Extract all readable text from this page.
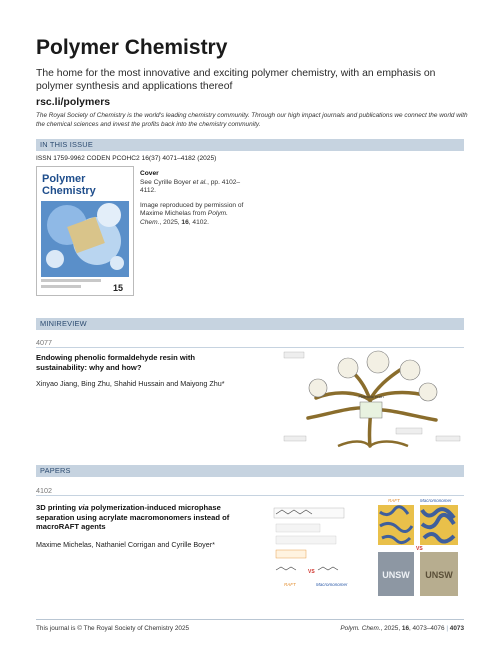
Polymer Chemistry
The home for the most innovative and exciting polymer chemistry, with an emphasis on polymer synthesis and applications thereof
rsc.li/polymers
The Royal Society of Chemistry is the world's leading chemistry community. Through our high impact journals and publications we connect the world with the chemical sciences and invest the profits back into the chemistry community.
IN THIS ISSUE
ISSN 1759-9962 CODEN PCOHC2 16(37) 4071–4182 (2025)
Polymer
Chemistry
15
Cover
See Cyrille Boyer et al., pp. 4102–4112.
Image reproduced by permission of Maxime Michelas from Polym. Chem., 2025, 16, 4102.
MINIREVIEW
4077
Endowing phenolic formaldehyde resin with sustainability: why and how?
Xinyao Jiang, Bing Zhu, Shahid Hussain and Maiyong Zhu*
Phenolic resin
PAPERS
4102
3D printing via polymerization-induced microphase separation using acrylate macromonomers instead of macroRAFT agents
Maxime Michelas, Nathaniel Corrigan and Cyrille Boyer*
VS
RAFT	Macromonomer
RAFT	Macromonomer
VS
UNSW UNSW
This journal is © The Royal Society of Chemistry 2025	Polym. Chem., 2025, 16, 4073–4076 | 4073
